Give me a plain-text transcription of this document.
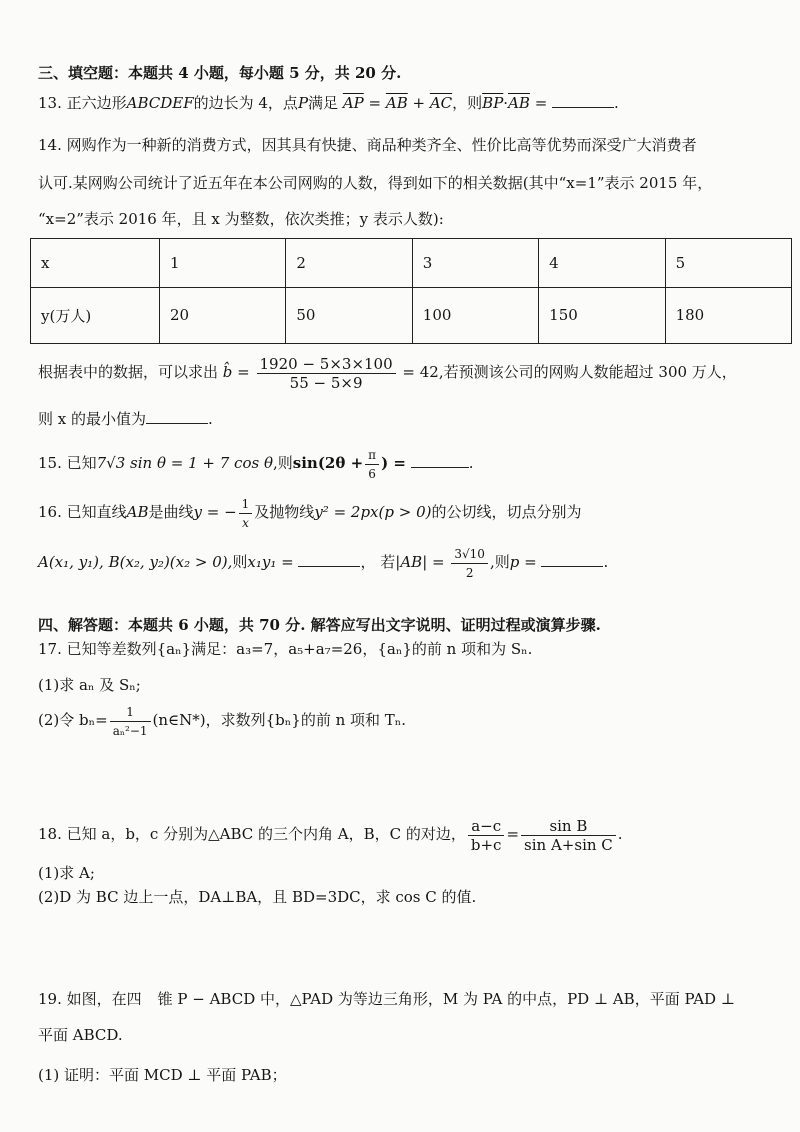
三、填空题：本题共 4 小题，每小题 5 分，共 20 分.
13. 正六边形ABCDEF的边长为 4，点P满足 $\overline{AP} = \overline{AB} + \overline{AC}$，则$\overline{BP}\cdot\overline{AB}$ =	.
14. 网购作为一种新的消费方式，因其具有快捷、商品种类齐全、性价比高等优势而深受广大消费者
认可.某网购公司统计了近五年在本公司网购的人数，得到如下的相关数据(其中“x=1”表示 2015 年，
“x=2”表示 2016 年，且 x 为整数，依次类推；y 表示人数):
x	1	2	3	4	5
y(万人)	20	50	100	150	180
根据表中的数据，可以求出 b̂ = $\frac{1920 - 5\times 3\times 100}{55 - 5\times 9} = 42$,若预测该公司的网购人数能超过 300 万人，
则 x 的最小值为	.
15. 已知7√3 sin θ = 1 + 7 cos θ,则$\sin(2\theta + \frac{\pi}{6}$ ) =	.
16. 已知直线AB是曲线y = − $\frac{1}{x}$ 及抛物线y² = 2px(p > 0)的公切线，切点分别为
A(x₁, y₁), B(x₂, y₂)(x₂ > 0),则x₁y₁ =	， 若$|AB| = \frac{3√10}{2}$ ,则p =	.
四、解答题：本题共 6 小题，共 70 分. 解答应写出文字说明、证明过程或演算步骤.
17. 已知等差数列{aₙ}满足：a₃=7，a₅+a₇=26，{aₙ}的前 n 项和为 Sₙ.
(1)求 aₙ 及 Sₙ;
(2)令 $b_n= \frac{1}{\text{aₙ²−1}}$ (n∈N*)，求数列{bₙ}的前 n 项和 Tₙ.
18. 已知 a，b，c 分别为△ABC 的三个内角 A，B，C 的对边， $\frac{a-c}{b+c} = \frac{\text{sin B}}{\text{sin A+sin C}}$ .
(1)求 A;
(2)D 为 BC 边上一点，DA⊥BA，且 BD=3DC，求 cos C 的值.
19. 如图，在四 锥 P − ABCD 中，△PAD 为等边三角形，M 为 PA 的中点，PD ⊥ AB，平面 PAD ⊥
平面 ABCD.
(1) 证明：平面 MCD ⊥ 平面 PAB；
